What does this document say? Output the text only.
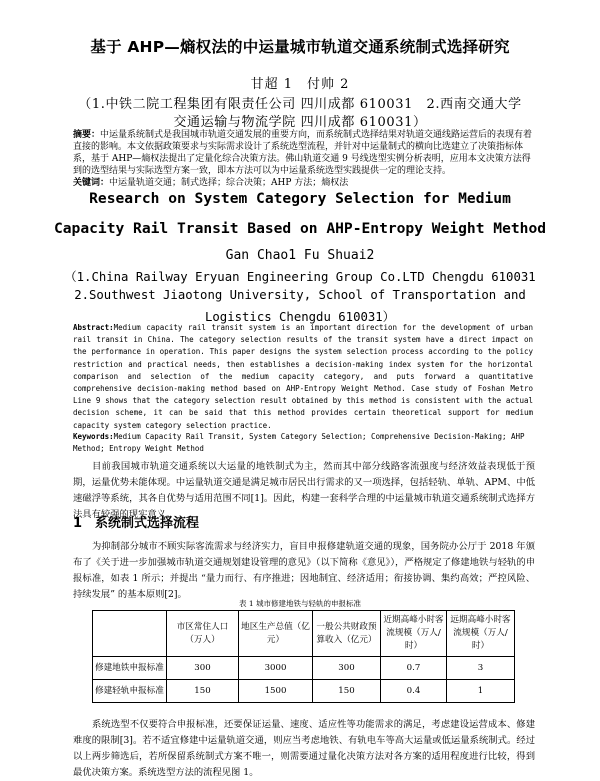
基于 AHP—熵权法的中运量城市轨道交通系统制式选择研究
甘超 1　付帅 2
（1.中铁二院工程集团有限责任公司 四川成都 610031　2.西南交通大学
交通运输与物流学院 四川成都 610031）
摘要：中运量系统制式是我国城市轨道交通发展的重要方向，而系统制式选择结果对轨道交通线路运营后的表现有着直接的影响。本文依据政策要求与实际需求设计了系统选型流程，并针对中运量制式的横向比选建立了决策指标体系，基于 AHP—熵权法提出了定量化综合决策方法。佛山轨道交通 9 号线选型实例分析表明，应用本文决策方法得到的选型结果与实际选型方案一致，即本方法可以为中运量系统选型实践提供一定的理论支持。
关键词：中运量轨道交通；制式选择；综合决策；AHP 方法；熵权法
Research on System Category Selection for Medium
Capacity Rail Transit Based on AHP-Entropy Weight Method
Gan Chao1 Fu Shuai2
（1.China Railway Eryuan Engineering Group Co.LTD Chengdu 610031
2.Southwest Jiaotong University, School of Transportation and
Logistics Chengdu 610031）
Abstract:Medium capacity rail transit system is an important direction for the development of urban rail transit in China. The category selection results of the transit system have a direct impact on the performance in operation. This paper designs the system selection process according to the policy restriction and practical needs, then establishes a decision-making index system for the horizontal comparison and selection of the medium capacity category, and puts forward a quantitative comprehensive decision-making method based on AHP-Entropy Weight Method. Case study of Foshan Metro Line 9 shows that the category selection result obtained by this method is consistent with the actual decision scheme, it can be said that this method provides certain theoretical support for medium capacity system category selection practice.
Keywords:Medium Capacity Rail Transit, System Category Selection; Comprehensive Decision-Making; AHP Method; Entropy Weight Method
目前我国城市轨道交通系统以大运量的地铁制式为主，然而其中部分线路客流强度与经济效益表现低于预期，运量优势未能体现。中运量轨道交通是满足城市居民出行需求的又一项选择，包括轻轨、单轨、APM、中低速磁浮等系统，其各自优势与适用范围不同[1]。因此，构建一套科学合理的中运量城市轨道交通系统制式选择方法具有较强的现实意义。
1 系统制式选择流程
为抑制部分城市不顾实际客流需求与经济实力，盲目申报修建轨道交通的现象，国务院办公厅于 2018 年颁布了《关于进一步加强城市轨道交通规划建设管理的意见》（以下简称《意见》），严格规定了修建地铁与轻轨的申报标准，如表 1 所示；并提出 “量力而行、有序推进；因地制宜、经济适用；衔接协调、集约高效；严控风险、持续发展” 的基本原则[2]。
表 1 城市修建地铁与轻轨的申报标准
	市区常住人口（万人）	地区生产总值（亿元）	一般公共财政预算收入（亿元）	近期高峰小时客流规模（万人/时）	远期高峰小时客流规模（万人/时）
修建地铁申报标准	300	3000	300	0.7	3
修建轻轨申报标准	150	1500	150	0.4	1
系统选型不仅要符合申报标准，还要保证运量、速度、适应性等功能需求的满足，考虑建设运营成本、修建难度的限制[3]。若不适宜修建中运量轨道交通，则应当考虑地铁、有轨电车等高大运量或低运量系统制式。经过以上两步筛选后，若所保留系统制式方案不唯一，则需要通过量化决策方法对各方案的适用程度进行比较，得到最优决策方案。系统选型方法的流程见图 1。
